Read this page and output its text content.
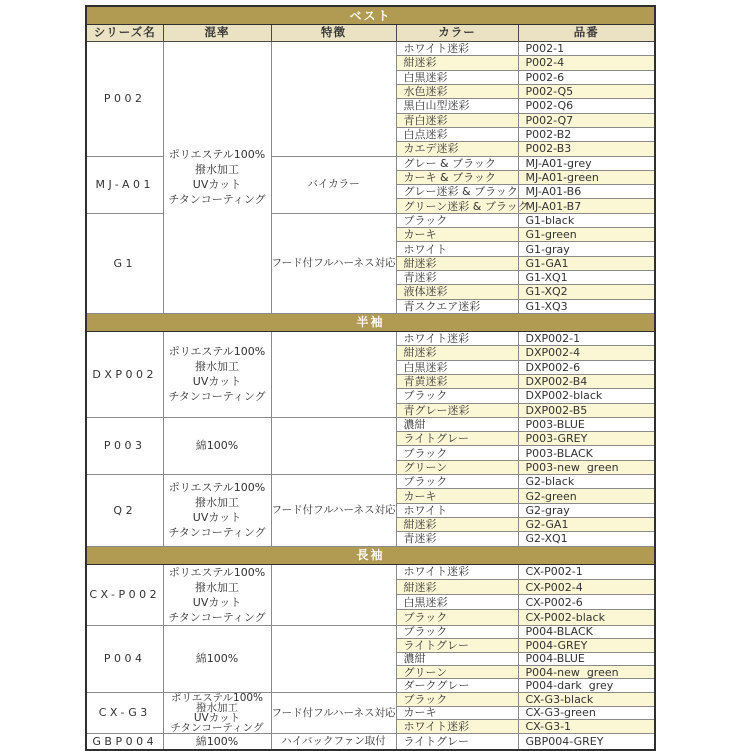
ベスト				
シリーズ名	混率	特徴	カラー	品番
P002	ポリエステル100%
撥水加工
UVカット
チタンコーティング		ホワイト迷彩	P002-1
			紺迷彩	P002-4
			白黒迷彩	P002-6
			水色迷彩	P002-Q5
			黒白山型迷彩	P002-Q6
			青白迷彩	P002-Q7
			白点迷彩	P002-B2
			カエデ迷彩	P002-B3
MJ-A01		バイカラー	グレー & ブラック	MJ-A01-grey
			カーキ & ブラック	MJ-A01-green
			グレー迷彩 & ブラック	MJ-A01-B6
			グリーン迷彩 & ブラック	MJ-A01-B7
G1		フード付フルハーネス対応	ブラック	G1-black
			カーキ	G1-green
			ホワイト	G1-gray
			紺迷彩	G1-GA1
			青迷彩	G1-XQ1
			液体迷彩	G1-XQ2
			青スクエア迷彩	G1-XQ3
半袖				
DXP002	ポリエステル100%
撥水加工
UVカット
チタンコーティング		ホワイト迷彩	DXP002-1
			紺迷彩	DXP002-4
			白黒迷彩	DXP002-6
			青黄迷彩	DXP002-B4
			ブラック	DXP002-black
			青グレー迷彩	DXP002-B5
P003	綿100%		濃紺	P003-BLUE
			ライトグレー	P003-GREY
			ブラック	P003-BLACK
			グリーン	P003-new  green
Q2	ポリエステル100%
撥水加工
UVカット
チタンコーティング	フード付フルハーネス対応	ブラック	G2-black
			カーキ	G2-green
			ホワイト	G2-gray
			紺迷彩	G2-GA1
			青迷彩	G2-XQ1
長袖				
CX-P002	ポリエステル100%
撥水加工
UVカット
チタンコーティング		ホワイト迷彩	CX-P002-1
			紺迷彩	CX-P002-4
			白黒迷彩	CX-P002-6
			ブラック	CX-P002-black
P004	綿100%		ブラック	P004-BLACK
			ライトグレー	P004-GREY
			濃紺	P004-BLUE
			グリーン	P004-new  green
			ダークグレー	P004-dark  grey
CX-G3	ポリエステル100%
撥水加工
UVカット
チタンコーティング	フード付フルハーネス対応	ブラック	CX-G3-black
			カーキ	CX-G3-green
			ホワイト迷彩	CX-G3-1
GBP004	綿100%	ハイバックファン取付	ライトグレー	GBP004-GREY
